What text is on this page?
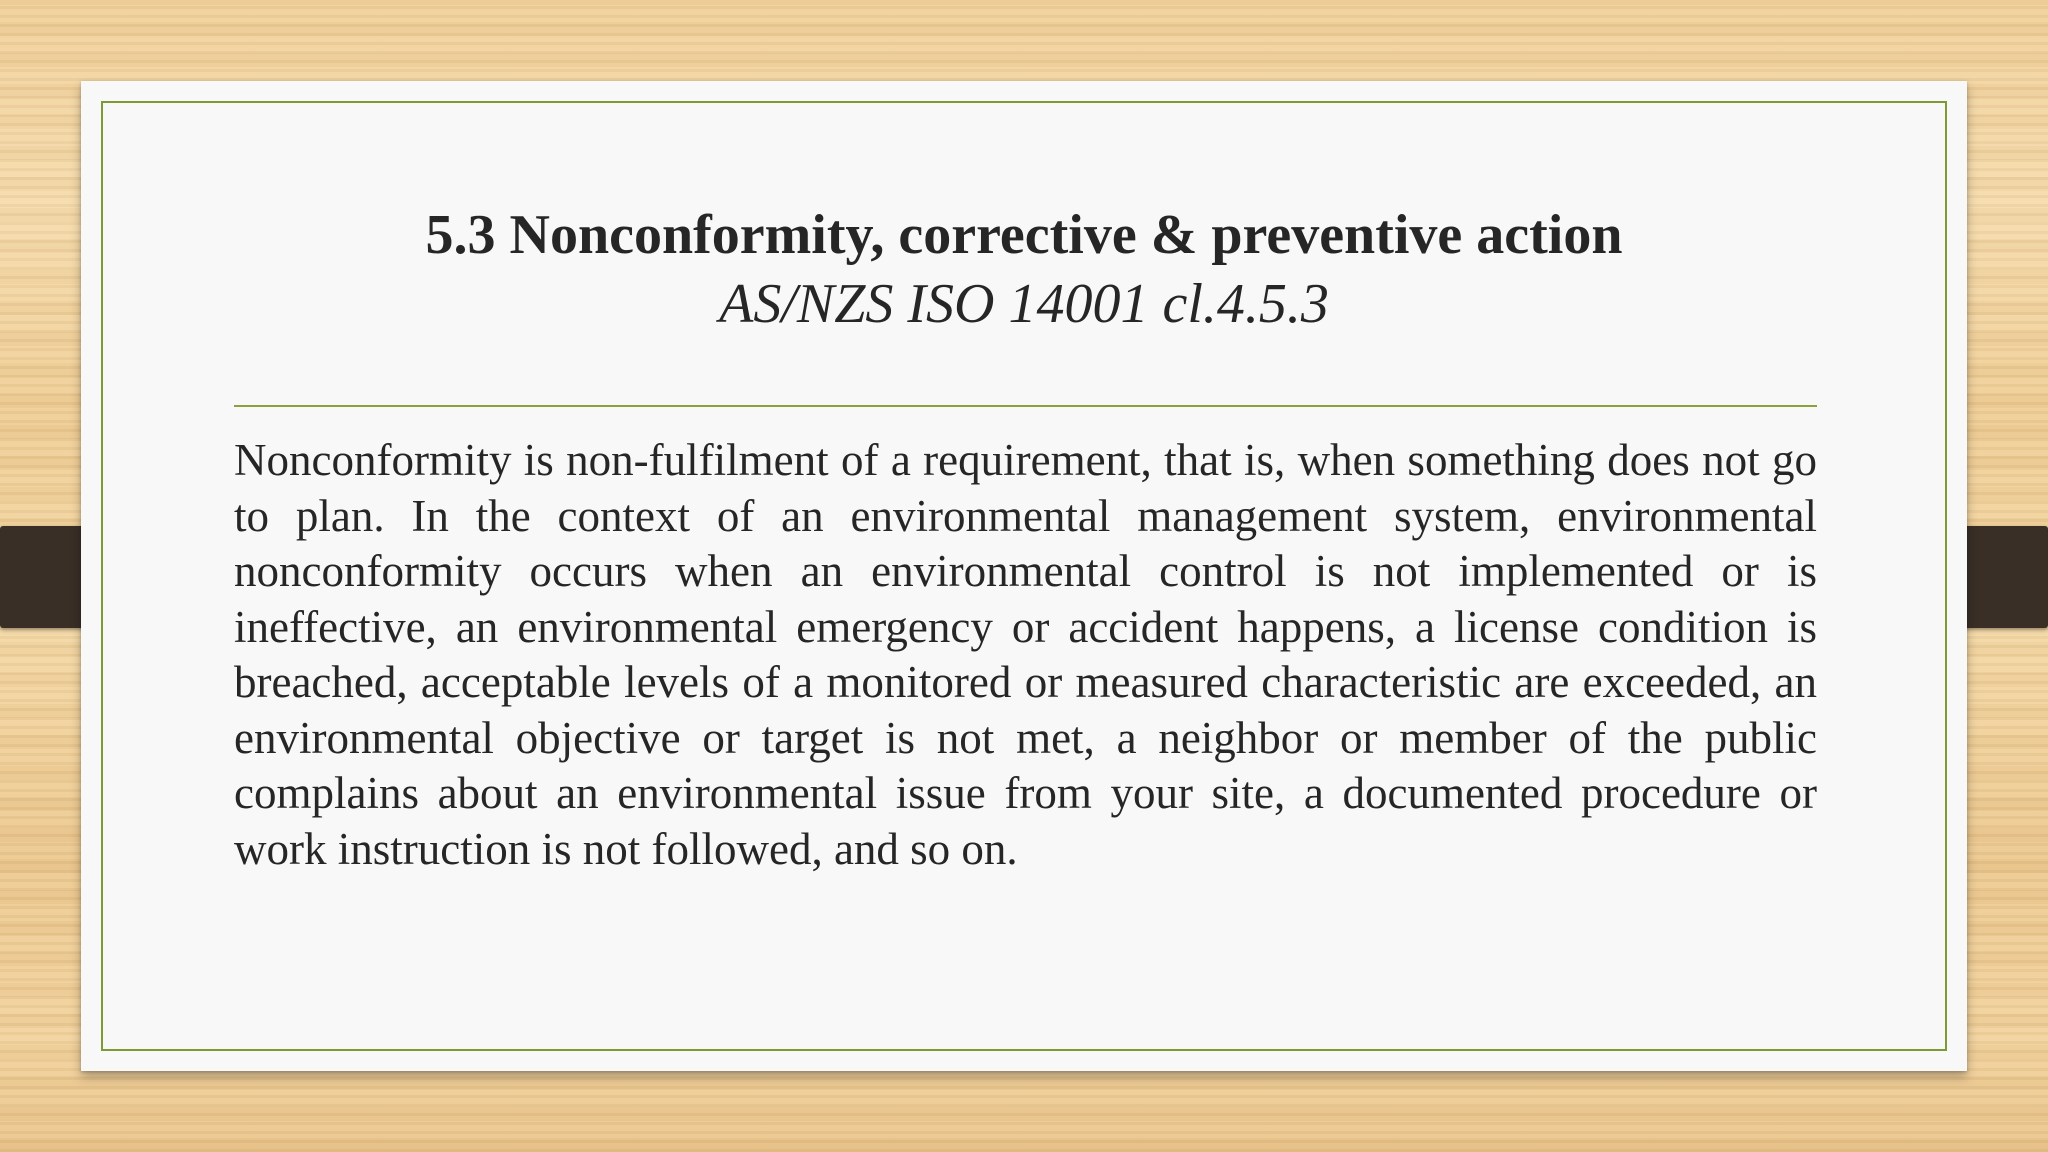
5.3 Nonconformity, corrective & preventive action
AS/NZS ISO 14001 cl.4.5.3
Nonconformity is non-fulfilment of a requirement, that is, when something does not go to plan. In the context of an environmental management system, environmental nonconformity occurs when an environmental control is not implemented or is ineffective, an environmental emergency or accident happens, a license condition is breached, acceptable levels of a monitored or measured characteristic are exceeded, an environmental objective or target is not met, a neighbor or member of the public complains about an environmental issue from your site, a documented procedure or work instruction is not followed, and so on.
